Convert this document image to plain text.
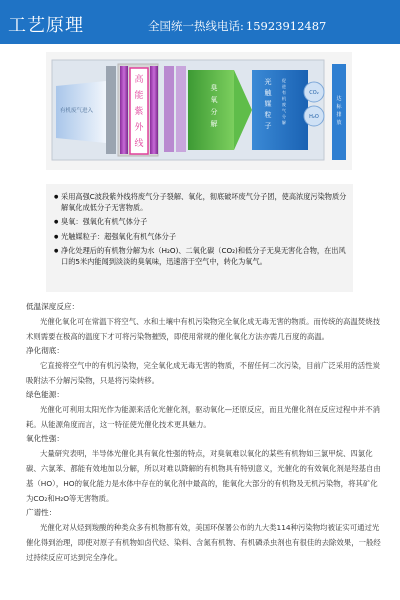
工艺原理	全国统一热线电话: 15923912487
有机废气进入
高
能
紫
外
线
臭
氧
分
解
光
触
媒
粒
子
促
进
有
机
废
气
分
解
CO₂
H₂O
达
标
排
放
● 采用高强C波段紫外线将废气分子裂解、氧化，彻底破坏废气分子团，使高浓度污染物质分解氧化成低分子无害物质。
● 臭氧：强氧化有机气体分子
● 光触媒粒子：超强氧化有机气体分子
● 净化处理后的有机物分解为水（H₂O)、二氧化碳（CO₂)和低分子无臭无害化合物，在出风口的5米内能闻到淡淡的臭氧味，迅速溶于空气中，转化为氧气。
低温深度反应：

光催化氧化可在常温下将空气、水和土壤中有机污染物完全氧化成无毒无害的物质。而传统的高温焚烧技术则需要在极高的温度下才可将污染物摧毁，即使用常规的催化氧化方法亦需几百度的高温。

净化彻底：

它直接将空气中的有机污染物，完全氧化成无毒无害的物质，不留任何二次污染，目前广泛采用的活性炭吸附法不分解污染物，只是将污染转移。

绿色能源：

光催化可利用太阳光作为能源来活化光催化剂，驱动氧化—还原反应，而且光催化剂在反应过程中并不消耗。从能源角度而言，这一特征使光催化技术更具魅力。

氧化性强：

大量研究表明，半导体光催化具有氧化性强的特点，对臭氧难以氧化的某些有机物如三氯甲烷、四氯化碳、六氯苯、都能有效地加以分解，所以对难以降解的有机物具有特别意义，光催化的有效氧化剂是羟基自由基（HO），HO的氧化能力是水体中存在的氧化剂中最高的，能氧化大部分的有机物及无机污染物，将其矿化为CO₂和H₂O等无害物质。

广谱性：

光催化对从烃到羧酸的种类众多有机物都有效，美国环保署公布的九大类114种污染物均被证实可通过光催化得到治理，即使对原子有机物如卤代烃、染料、含氮有机物、有机磷杀虫剂也有很佳的去除效果，一般经过持续反应可达到完全净化。
